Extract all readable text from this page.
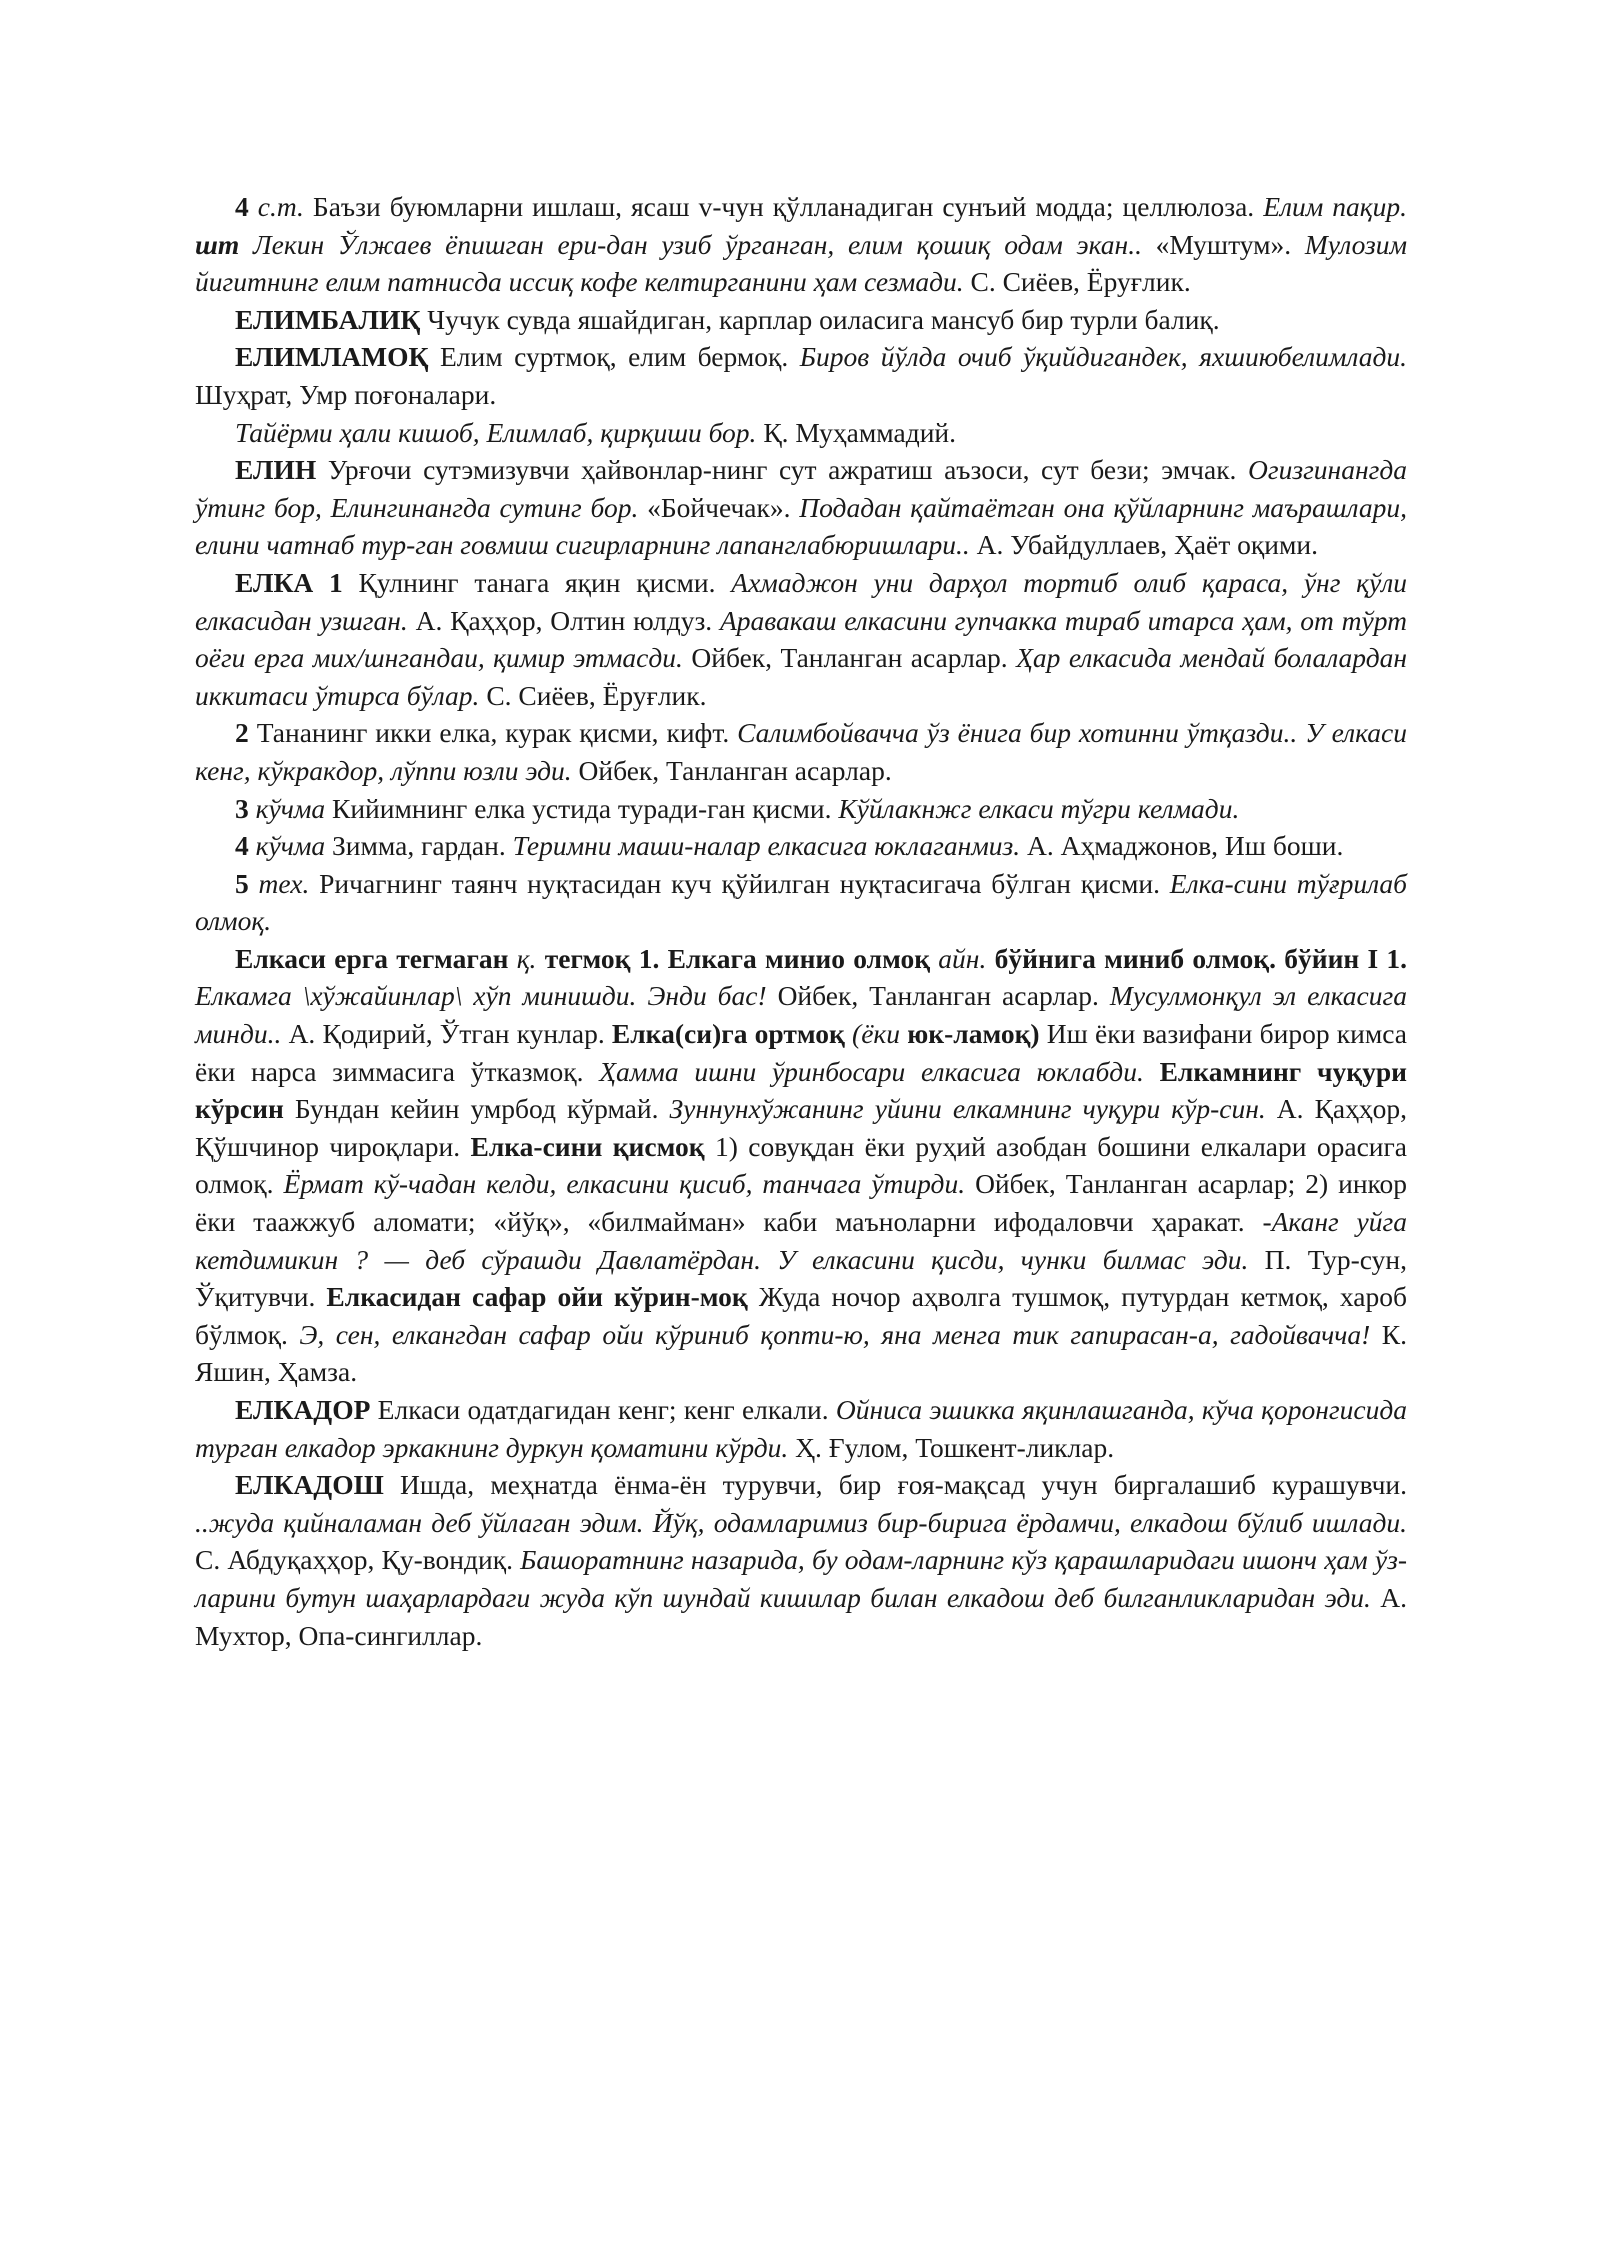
4 с.т. Баъзи буюмларни ишлаш, ясаш v-чун қўлланадиган сунъий модда; целлюлоза. Елим пақир. шт Лекин Ўлжаев ёпишган ери-дан узиб ўрганган, елим қошиқ одам экан.. «Муштум». Мулозим йигитнинг елим патнисда иссиқ кофе келтирганини ҳам сезмади. С. Сиёев, Ёруғлик.

ЕЛИМБАЛИҚ Чучук сувда яшайдиган, карплар оиласига мансуб бир турли балиқ.

ЕЛИМЛАМОҚ Елим суртмоқ, елим бермоқ. Биров йўлда очиб ўқийдигандек, яхшиюбелимлади. Шуҳрат, Умр поғоналари.

Тайёрми ҳали кишоб, Елимлаб, қирқиши бор. Қ. Муҳаммадий.

ЕЛИН Урғочи сутэмизувчи ҳайвонлар-нинг сут ажратиш аъзоси, сут бези; эмчак. Огизгинангда ўтинг бор, Елингинангда сутинг бор. «Бойчечак». Подадан қайтаётган она қўйларнинг маърашлари, елини чатнаб тур-ган говмиш сигирларнинг лапанглабюришлари.. А. Убайдуллаев, Ҳаёт оқими.

ЕЛКА 1 Қулнинг танага яқин қисми. Ахмаджон уни дарҳол тортиб олиб қараса, ўнг қўли елкасидан узшган. А. Қаҳҳор, Олтин юлдуз. Аравакаш елкасини гупчакка тираб итарса ҳам, от тўрт оёги ерга мих/шнгандаи, қимир этмасди. Ойбек, Танланган асарлар. Ҳар елкасида мендай болалардан иккитаси ўтирса бўлар. С. Сиёев, Ёруғлик.

2 Тананинг икки елка, курак қисми, кифт. Салимбойвачча ўз ёнига бир хотинни ўтқазди.. У елкаси кенг, кўкракдор, лўппи юзли эди. Ойбек, Танланган асарлар.

3 кўчма Кийимнинг елка устида туради-ган қисми. Кўйлакнжг елкаси тўгри келмади.

4 кўчма Зимма, гардан. Теримни маши-налар елкасига юклаганмиз. А. Аҳмаджонов, Иш боши.

5 тех. Ричагнинг таянч нуқтасидан куч қўйилган нуқтасигача бўлган қисми. Елка-сини тўғрилаб олмоқ.

Елкаси ерга тегмаган қ. тегмоқ 1. Елкага минио олмоқ айн. бўйнига миниб олмоқ. бўйин I 1. Елкамга \хўжайинлар\ хўп минишди. Энди бас! Ойбек, Танланган асарлар. Мусулмонқул эл елкасига минди.. А. Қодирий, Ўтган кунлар. Елка(си)га ортмоқ (ёки юк-ламоқ) Иш ёки вазифани бирор кимса ёки нарса зиммасига ўтказмоқ. Ҳамма ишни ўринбосари елкасига юклабди. Елкамнинг чуқури кўрсин Бундан кейин умрбод кўрмай. Зуннунхўжанинг уйини елкамнинг чуқури кўр-син. А. Қаҳҳор, Қўшчинор чироқлари. Елка-сини қисмоқ 1) совуқдан ёки руҳий азобдан бошини елкалари орасига олмоқ. Ёрмат кў-чадан келди, елкасини қисиб, танчага ўтирди. Ойбек, Танланган асарлар; 2) инкор ёки таажжуб аломати; «йўқ», «билмайман» каби маъноларни ифодаловчи ҳаракат. -Аканг уйга кетдимикин ? — деб сўрашди Давлатёрдан. У елкасини қисди, чунки билмас эди. П. Тур-сун, Ўқитувчи. Елкасидан сафар ойи кўрин-моқ Жуда ночор аҳволга тушмоқ, путурдан кетмоқ, хароб бўлмоқ. Э, сен, елкангдан сафар ойи кўриниб қопти-ю, яна менга тик гапирасан-а, гадойвачча! К. Яшин, Ҳамза.

ЕЛКАДОР Елкаси одатдагидан кенг; кенг елкали. Ойниса эшикка яқинлашганда, кўча қоронгисида турган елкадор эркакнинг дуркун қоматини кўрди. Ҳ. Ғулом, Тошкент-ликлар.

ЕЛКАДОШ Ишда, меҳнатда ёнма-ён турувчи, бир ғоя-мақсад учун биргалашиб курашувчи. ..жуда қийналаман деб ўйлаган эдим. Йўқ, одамларимиз бир-бирига ёрдамчи, елкадош бўлиб ишлади. С. Абдуқаҳҳор, Қу-вондиқ. Башоратнинг назарида, бу одам-ларнинг кўз қарашларидаги ишонч ҳам ўз-ларини бутун шаҳарлардаги жуда кўп шундай кишилар билан елкадош деб билганликларидан эди. А. Мухтор, Опа-сингиллар.
